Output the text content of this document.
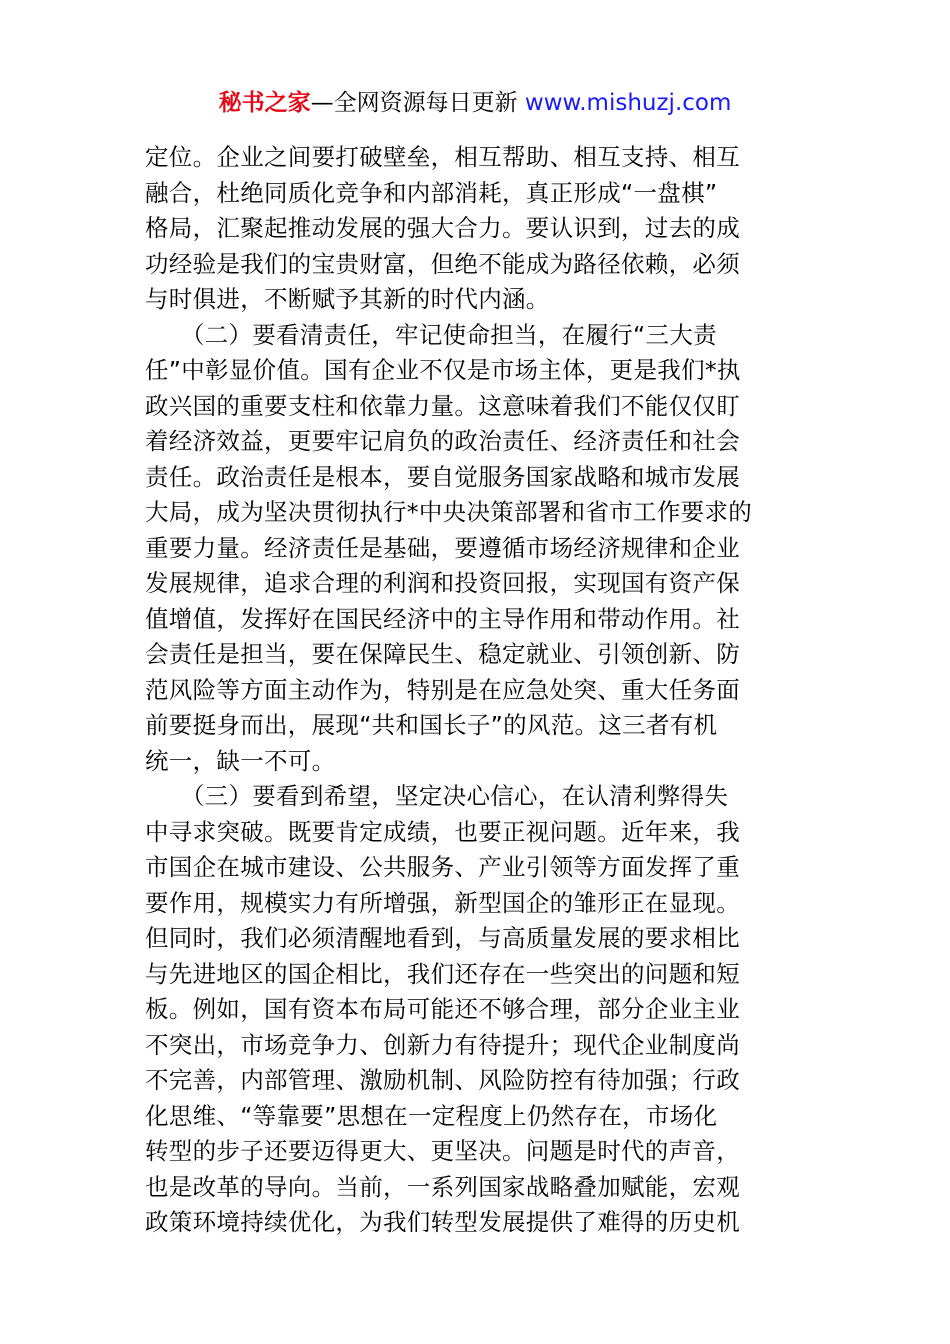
秘书之家—全网资源每日更新 www.mishuzj.com
定位。企业之间要打破壁垒，相互帮助、相互支持、相互
融合，杜绝同质化竞争和内部消耗，真正形成“一盘棋”
格局，汇聚起推动发展的强大合力。要认识到，过去的成
功经验是我们的宝贵财富，但绝不能成为路径依赖，必须
与时俱进，不断赋予其新的时代内涵。
　　（二）要看清责任，牢记使命担当，在履行“三大责
任”中彰显价值。国有企业不仅是市场主体，更是我们*执
政兴国的重要支柱和依靠力量。这意味着我们不能仅仅盯
着经济效益，更要牢记肩负的政治责任、经济责任和社会
责任。政治责任是根本，要自觉服务国家战略和城市发展
大局，成为坚决贯彻执行*中央决策部署和省市工作要求的
重要力量。经济责任是基础，要遵循市场经济规律和企业
发展规律，追求合理的利润和投资回报，实现国有资产保
值增值，发挥好在国民经济中的主导作用和带动作用。社
会责任是担当，要在保障民生、稳定就业、引领创新、防
范风险等方面主动作为，特别是在应急处突、重大任务面
前要挺身而出，展现“共和国长子”的风范。这三者有机
统一，缺一不可。
　　（三）要看到希望，坚定决心信心，在认清利弊得失
中寻求突破。既要肯定成绩，也要正视问题。近年来，我
市国企在城市建设、公共服务、产业引领等方面发挥了重
要作用，规模实力有所增强，新型国企的雏形正在显现。
但同时，我们必须清醒地看到，与高质量发展的要求相比
与先进地区的国企相比，我们还存在一些突出的问题和短
板。例如，国有资本布局可能还不够合理，部分企业主业
不突出，市场竞争力、创新力有待提升；现代企业制度尚
不完善，内部管理、激励机制、风险防控有待加强；行政
化思维、“等靠要”思想在一定程度上仍然存在，市场化
转型的步子还要迈得更大、更坚决。问题是时代的声音，
也是改革的导向。当前，一系列国家战略叠加赋能，宏观
政策环境持续优化，为我们转型发展提供了难得的历史机
